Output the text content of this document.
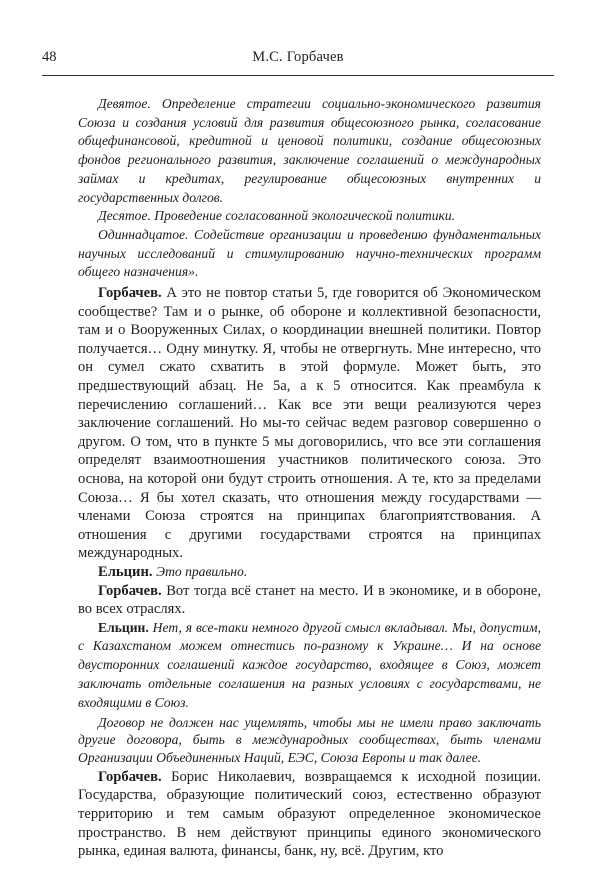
48	М.С. Горбачев

Девятое. Определение стратегии социально-экономического развития Союза и создания условий для развития общесоюзного рынка, согласование общефинансовой, кредитной и ценовой политики, создание общесоюзных фондов регионального развития, заключение соглашений о международных займах и кредитах, регулирование общесоюзных внутренних и государственных долгов.

Десятое. Проведение согласованной экологической политики.

Одиннадцатое. Содействие организации и проведению фундаментальных научных исследований и стимулированию научно-технических программ общего назначения».

Горбачев. А это не повтор статьи 5, где говорится об Экономическом сообществе? Там и о рынке, об обороне и коллективной безопасности, там и о Вооруженных Силах, о координации внешней политики. Повтор получается… Одну минутку. Я, чтобы не отвергнуть. Мне интересно, что он сумел сжато схватить в этой формуле. Может быть, это предшествующий абзац. Не 5а, а к 5 относится. Как преамбула к перечислению соглашений… Как все эти вещи реализуются через заключение соглашений. Но мы-то сейчас ведем разговор совершенно о другом. О том, что в пункте 5 мы договорились, что все эти соглашения определят взаимоотношения участников политического союза. Это основа, на которой они будут строить отношения. А те, кто за пределами Союза… Я бы хотел сказать, что отношения между государствами — членами Союза строятся на принципах благоприятствования. А отношения с другими государствами строятся на принципах международных.

Ельцин. Это правильно.

Горбачев. Вот тогда всё станет на место. И в экономике, и в обороне, во всех отраслях.

Ельцин. Нет, я все-таки немного другой смысл вкладывал. Мы, допустим, с Казахстаном можем отнестись по-разному к Украине… И на основе двусторонних соглашений каждое государство, входящее в Союз, может заключать отдельные соглашения на разных условиях с государствами, не входящими в Союз.

Договор не должен нас ущемлять, чтобы мы не имели право заключать другие договора, быть в международных сообществах, быть членами Организации Объединенных Наций, ЕЭС, Союза Европы и так далее.

Горбачев. Борис Николаевич, возвращаемся к исходной позиции. Государства, образующие политический союз, естественно образуют территорию и тем самым образуют определенное экономическое пространство. В нем действуют принципы единого экономического рынка, единая валюта, финансы, банк, ну, всё. Другим, кто
